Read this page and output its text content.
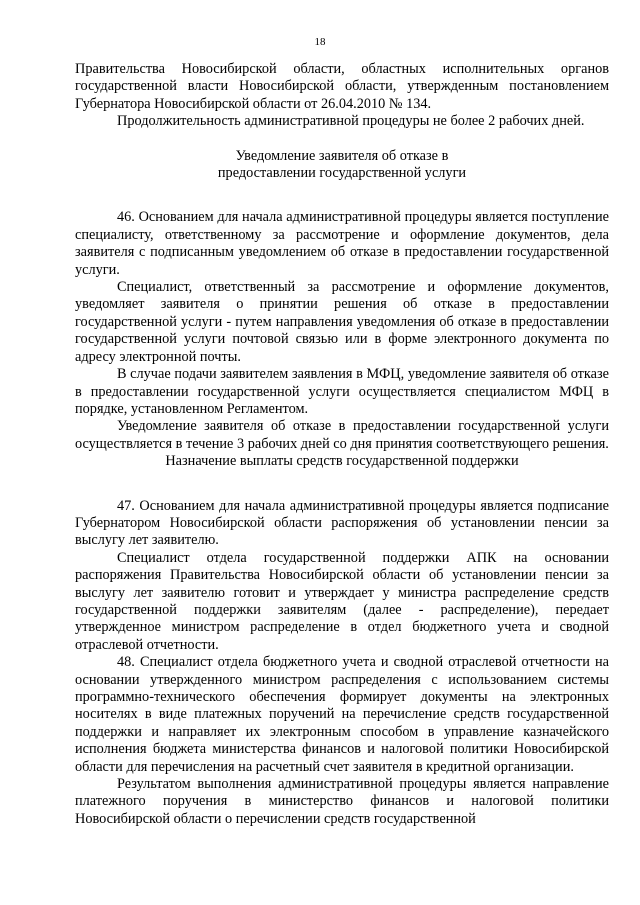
18

Правительства Новосибирской области, областных исполнительных органов государственной власти Новосибирской области, утвержденным постановлением Губернатора Новосибирской области от 26.04.2010 № 134.

Продолжительность административной процедуры не более 2 рабочих дней.

Уведомление заявителя об отказе в
предоставлении государственной услуги

46. Основанием для начала административной процедуры является поступление специалисту, ответственному за рассмотрение и оформление документов, дела заявителя с подписанным уведомлением об отказе в предоставлении государственной услуги.

Специалист, ответственный за рассмотрение и оформление документов, уведомляет заявителя о принятии решения об отказе в предоставлении государственной услуги - путем направления уведомления об отказе в предоставлении государственной услуги почтовой связью или в форме электронного документа по адресу электронной почты.

В случае подачи заявителем заявления в МФЦ, уведомление заявителя об отказе в предоставлении государственной услуги осуществляется специалистом МФЦ в порядке, установленном Регламентом.

Уведомление заявителя об отказе в предоставлении государственной услуги осуществляется в течение 3 рабочих дней со дня принятия соответствующего решения.

Назначение выплаты средств государственной поддержки

47. Основанием для начала административной процедуры является подписание Губернатором Новосибирской области распоряжения об установлении пенсии за выслугу лет заявителю.

Специалист отдела государственной поддержки АПК на основании распоряжения Правительства Новосибирской области об установлении пенсии за выслугу лет заявителю готовит и утверждает у министра распределение средств государственной поддержки заявителям (далее - распределение), передает утвержденное министром распределение в отдел бюджетного учета и сводной отраслевой отчетности.

48. Специалист отдела бюджетного учета и сводной отраслевой отчетности на основании утвержденного министром распределения с использованием системы программно-технического обеспечения формирует документы на электронных носителях в виде платежных поручений на перечисление средств государственной поддержки и направляет их электронным способом в управление казначейского исполнения бюджета министерства финансов и налоговой политики Новосибирской области для перечисления на расчетный счет заявителя в кредитной организации.

Результатом выполнения административной процедуры является направление платежного поручения в министерство финансов и налоговой политики Новосибирской области о перечислении средств государственной
